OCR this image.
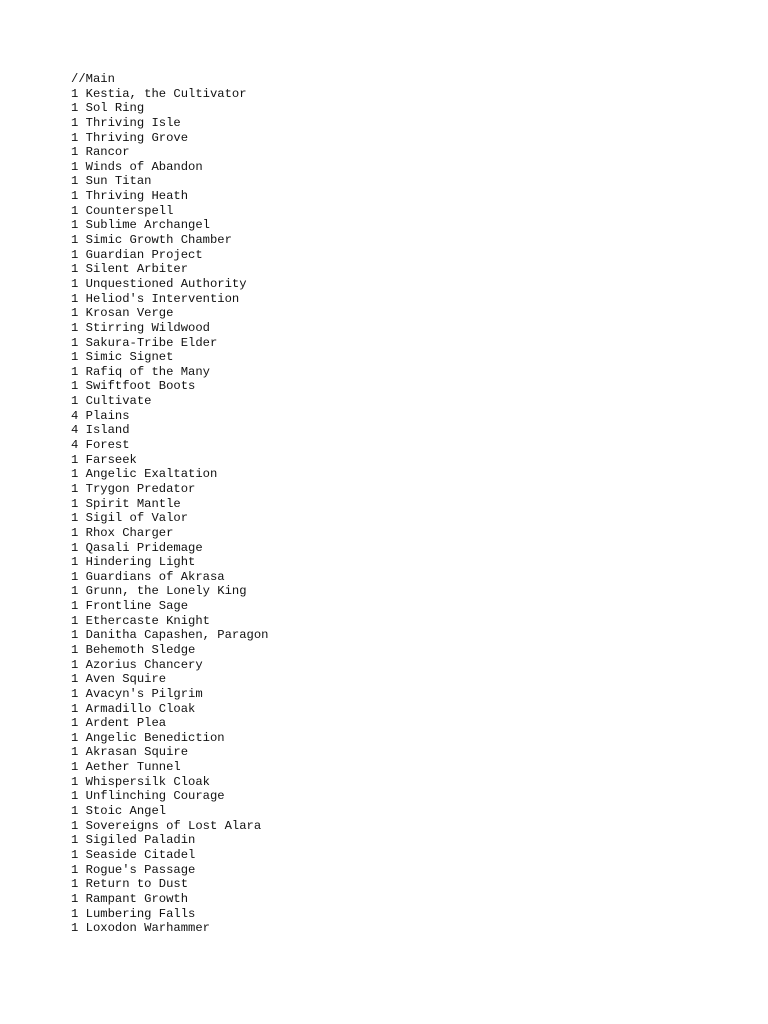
//Main
1 Kestia, the Cultivator
1 Sol Ring
1 Thriving Isle
1 Thriving Grove
1 Rancor
1 Winds of Abandon
1 Sun Titan
1 Thriving Heath
1 Counterspell
1 Sublime Archangel
1 Simic Growth Chamber
1 Guardian Project
1 Silent Arbiter
1 Unquestioned Authority
1 Heliod's Intervention
1 Krosan Verge
1 Stirring Wildwood
1 Sakura-Tribe Elder
1 Simic Signet
1 Rafiq of the Many
1 Swiftfoot Boots
1 Cultivate
4 Plains
4 Island
4 Forest
1 Farseek
1 Angelic Exaltation
1 Trygon Predator
1 Spirit Mantle
1 Sigil of Valor
1 Rhox Charger
1 Qasali Pridemage
1 Hindering Light
1 Guardians of Akrasa
1 Grunn, the Lonely King
1 Frontline Sage
1 Ethercaste Knight
1 Danitha Capashen, Paragon
1 Behemoth Sledge
1 Azorius Chancery
1 Aven Squire
1 Avacyn's Pilgrim
1 Armadillo Cloak
1 Ardent Plea
1 Angelic Benediction
1 Akrasan Squire
1 Aether Tunnel
1 Whispersilk Cloak
1 Unflinching Courage
1 Stoic Angel
1 Sovereigns of Lost Alara
1 Sigiled Paladin
1 Seaside Citadel
1 Rogue's Passage
1 Return to Dust
1 Rampant Growth
1 Lumbering Falls
1 Loxodon Warhammer
